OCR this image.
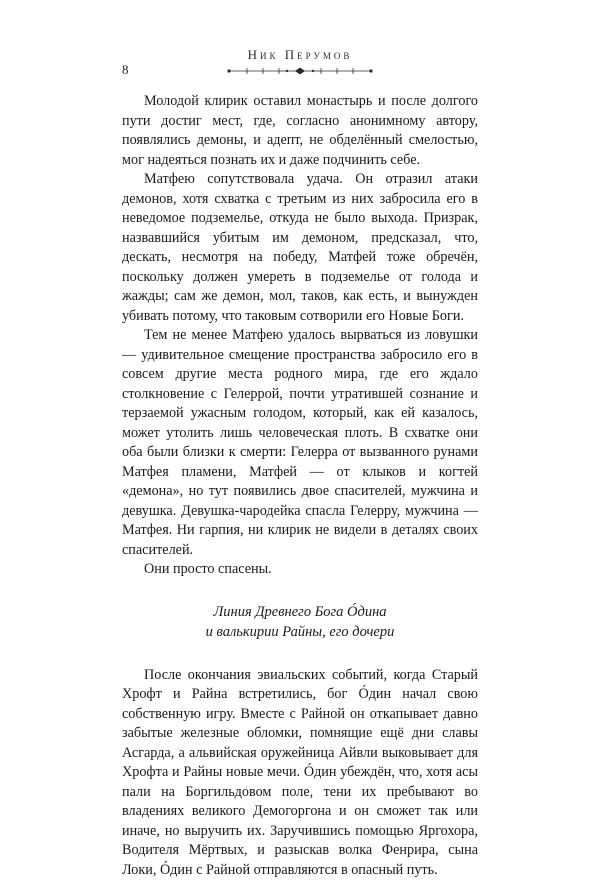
Ник Перумов
8

Молодой клирик оставил монастырь и после долгого пути достиг мест, где, согласно анонимному автору, появлялись демоны, и адепт, не обделённый смелостью, мог надеяться познать их и даже подчинить себе.

Матфею сопутствовала удача. Он отразил атаки демонов, хотя схватка с третьим из них забросила его в неведомое подземелье, откуда не было выхода. Призрак, назвавшийся убитым им демоном, предсказал, что, дескать, несмотря на победу, Матфей тоже обречён, поскольку должен умереть в подземелье от голода и жажды; сам же демон, мол, таков, как есть, и вынужден убивать потому, что таковым сотворили его Новые Боги.

Тем не менее Матфею удалось вырваться из ловушки — удивительное смещение пространства забросило его в совсем другие места родного мира, где его ждало столкновение с Гелеррой, почти утратившей сознание и терзаемой ужасным голодом, который, как ей казалось, может утолить лишь человеческая плоть. В схватке они оба были близки к смерти: Гелерра от вызванного рунами Матфея пламени, Матфей — от клыков и когтей «демона», но тут появились двое спасителей, мужчина и девушка. Девушка-чародейка спасла Гелерру, мужчина — Матфея. Ни гарпия, ни клирик не видели в деталях своих спасителей.

Они просто спасены.

Линия Древнего Бога Óдина
и валькирии Райны, его дочери

После окончания эвиальских событий, когда Старый Хрофт и Райна встретились, бог Óдин начал свою собственную игру. Вместе с Райной он откапывает давно забытые железные обломки, помнящие ещё дни славы Асгарда, а альвийская оружейница Айвли выковывает для Хрофта и Райны новые мечи. Óдин убеждён, что, хотя асы пали на Боргильдовом поле, тени их пребывают во владениях великого Демогоргона и он сможет так или иначе, но выручить их. Заручившись помощью Яргохора, Водителя Мёртвых, и разыскав волка Фенрира, сына Локи, Óдин с Райной отправляются в опасный путь.
